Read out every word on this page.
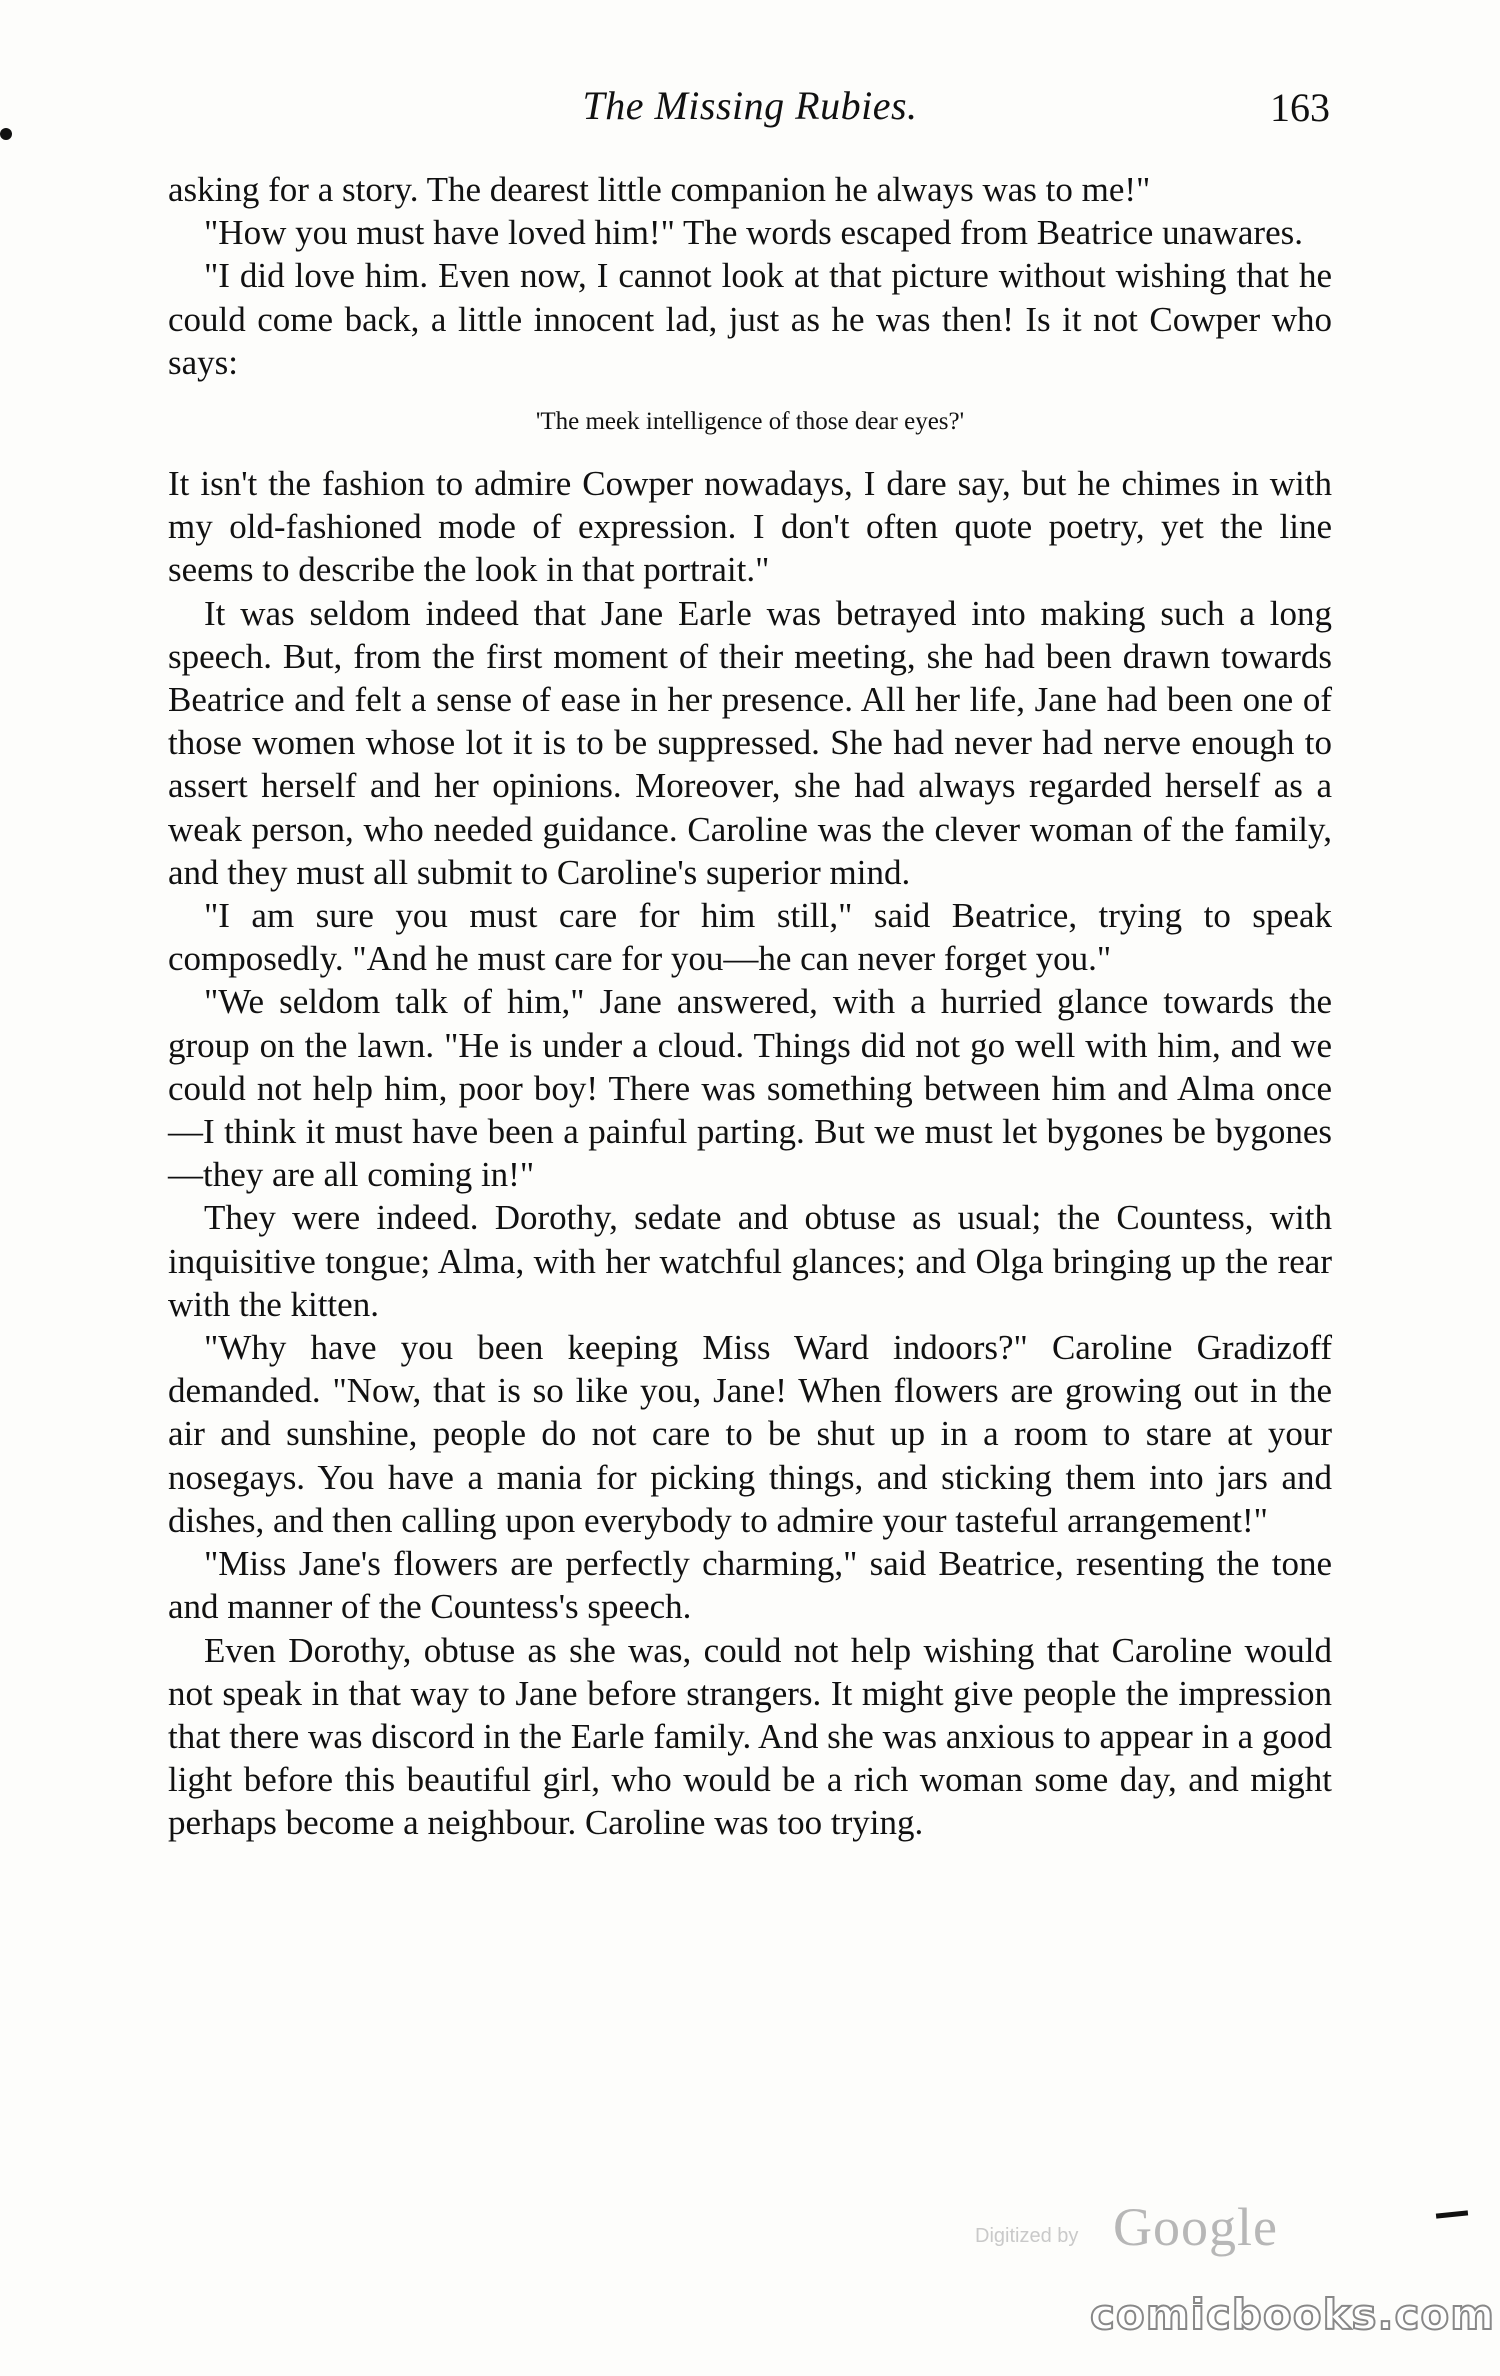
The Missing Rubies.	163

asking for a story. The dearest little companion he always was to me!"

"How you must have loved him!" The words escaped from Beatrice unawares.

"I did love him. Even now, I cannot look at that picture without wishing that he could come back, a little innocent lad, just as he was then! Is it not Cowper who says:

'The meek intelligence of those dear eyes?'

It isn't the fashion to admire Cowper nowadays, I dare say, but he chimes in with my old-fashioned mode of expression. I don't often quote poetry, yet the line seems to describe the look in that portrait."

It was seldom indeed that Jane Earle was betrayed into making such a long speech. But, from the first moment of their meeting, she had been drawn towards Beatrice and felt a sense of ease in her presence. All her life, Jane had been one of those women whose lot it is to be suppressed. She had never had nerve enough to assert herself and her opinions. Moreover, she had always regarded herself as a weak person, who needed guidance. Caroline was the clever woman of the family, and they must all submit to Caroline's superior mind.

"I am sure you must care for him still," said Beatrice, trying to speak composedly. "And he must care for you—he can never forget you."

"We seldom talk of him," Jane answered, with a hurried glance towards the group on the lawn. "He is under a cloud. Things did not go well with him, and we could not help him, poor boy! There was something between him and Alma once—I think it must have been a painful parting. But we must let bygones be bygones—they are all coming in!"

They were indeed. Dorothy, sedate and obtuse as usual; the Countess, with inquisitive tongue; Alma, with her watchful glances; and Olga bringing up the rear with the kitten.

"Why have you been keeping Miss Ward indoors?" Caroline Gradizoff demanded. "Now, that is so like you, Jane! When flowers are growing out in the air and sunshine, people do not care to be shut up in a room to stare at your nosegays. You have a mania for picking things, and sticking them into jars and dishes, and then calling upon everybody to admire your tasteful arrangement!"

"Miss Jane's flowers are perfectly charming," said Beatrice, resenting the tone and manner of the Countess's speech.

Even Dorothy, obtuse as she was, could not help wishing that Caroline would not speak in that way to Jane before strangers. It might give people the impression that there was discord in the Earle family. And she was anxious to appear in a good light before this beautiful girl, who would be a rich woman some day, and might perhaps become a neighbour. Caroline was too trying.

Digitized by Google
comicbooks.com
